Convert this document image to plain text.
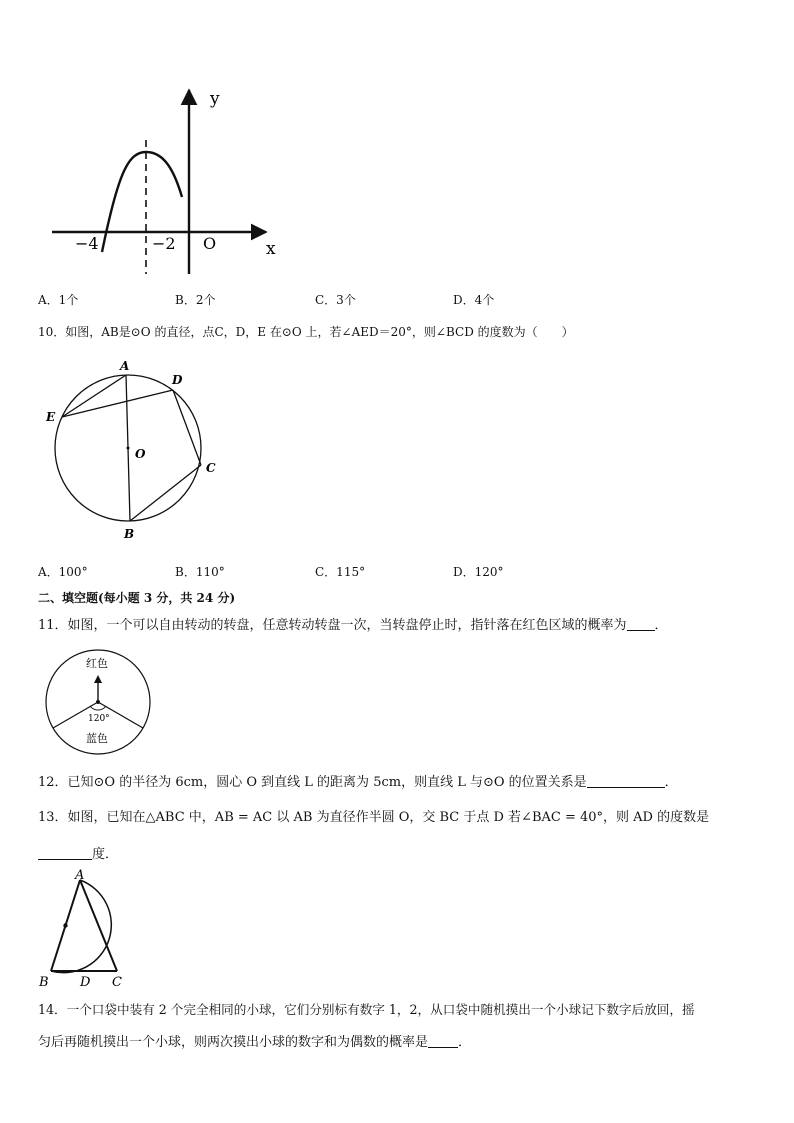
y
x
O
−4	−2
A．1个	B．2个	C．3个	D．4个
10．如图，AB是⊙O 的直径，点C，D，E 在⊙O 上，若∠AED＝20°，则∠BCD 的度数为（　　）
A
D
E
O
C
B
A．100°	B．110°	C．115°	D．120°
二、填空题(每小题 3 分，共 24 分)
11．如图，一个可以自由转动的转盘，任意转动转盘一次，当转盘停止时，指针落在红色区域的概率为 ．
红色
120°
蓝色
12．已知⊙O 的半径为 6cm，圆心 O 到直线 L 的距离为 5cm，则直线 L 与⊙O 的位置关系是	．
13．如图，已知在△ABC 中，AB = AC 以 AB 为直径作半圆 O，交 BC 于点 D 若∠BAC = 40°，则 AD 的度数是
度．
A
B D C
14．一个口袋中装有 2 个完全相同的小球，它们分别标有数字 1，2，从口袋中随机摸出一个小球记下数字后放回，摇
匀后再随机摸出一个小球，则两次摸出小球的数字和为偶数的概率是 ．
